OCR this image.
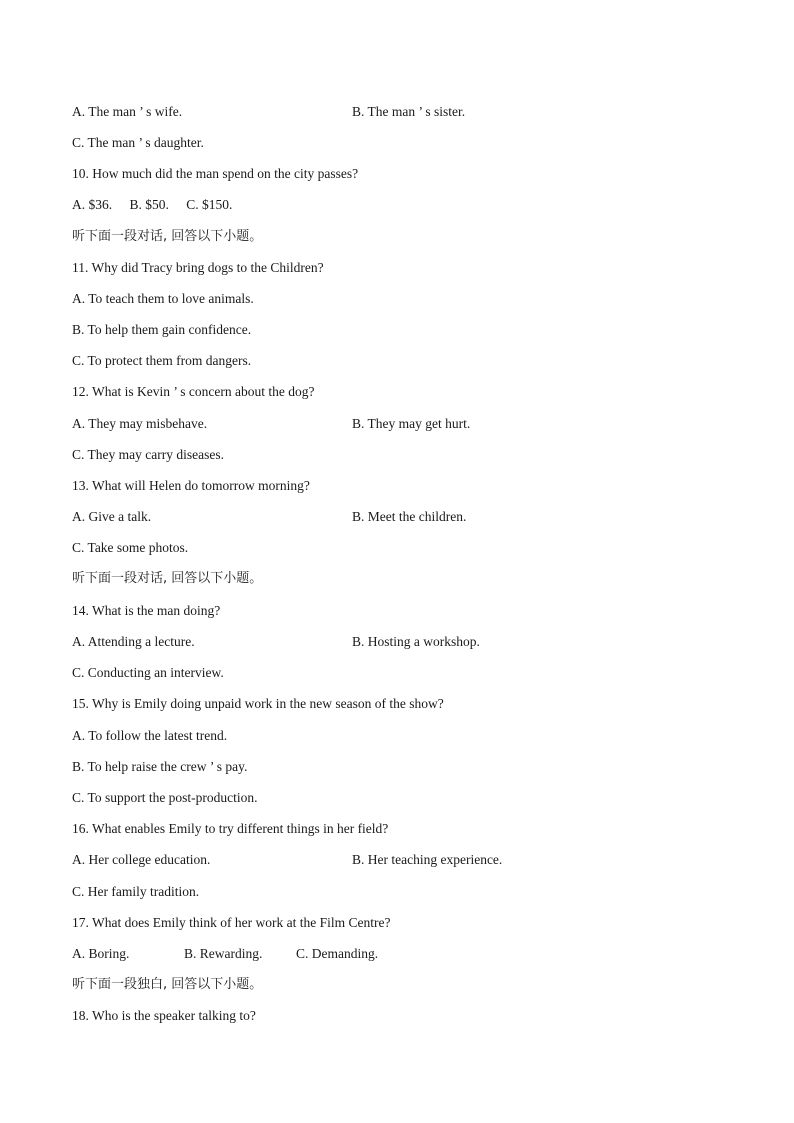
A. The man ’ s wife.	B. The man ’ s sister.
C. The man ’ s daughter.
10. How much did the man spend on the city passes?
A. $36. B. $50. C. $150.
听下面一段对话, 回答以下小题。
11. Why did Tracy bring dogs to the Children?
A. To teach them to love animals.
B. To help them gain confidence.
C. To protect them from dangers.
12. What is Kevin ’ s concern about the dog?
A. They may misbehave.	B. They may get hurt.
C. They may carry diseases.
13. What will Helen do tomorrow morning?
A. Give a talk.	B. Meet the children.
C. Take some photos.
听下面一段对话, 回答以下小题。
14. What is the man doing?
A. Attending a lecture.	B. Hosting a workshop.
C. Conducting an interview.
15. Why is Emily doing unpaid work in the new season of the show?
A. To follow the latest trend.
B. To help raise the crew ’ s pay.
C. To support the post-production.
16. What enables Emily to try different things in her field?
A. Her college education.	B. Her teaching experience.
C. Her family tradition.
17. What does Emily think of her work at the Film Centre?
A. Boring.	B. Rewarding. C. Demanding.
听下面一段独白, 回答以下小题。
18. Who is the speaker talking to?
